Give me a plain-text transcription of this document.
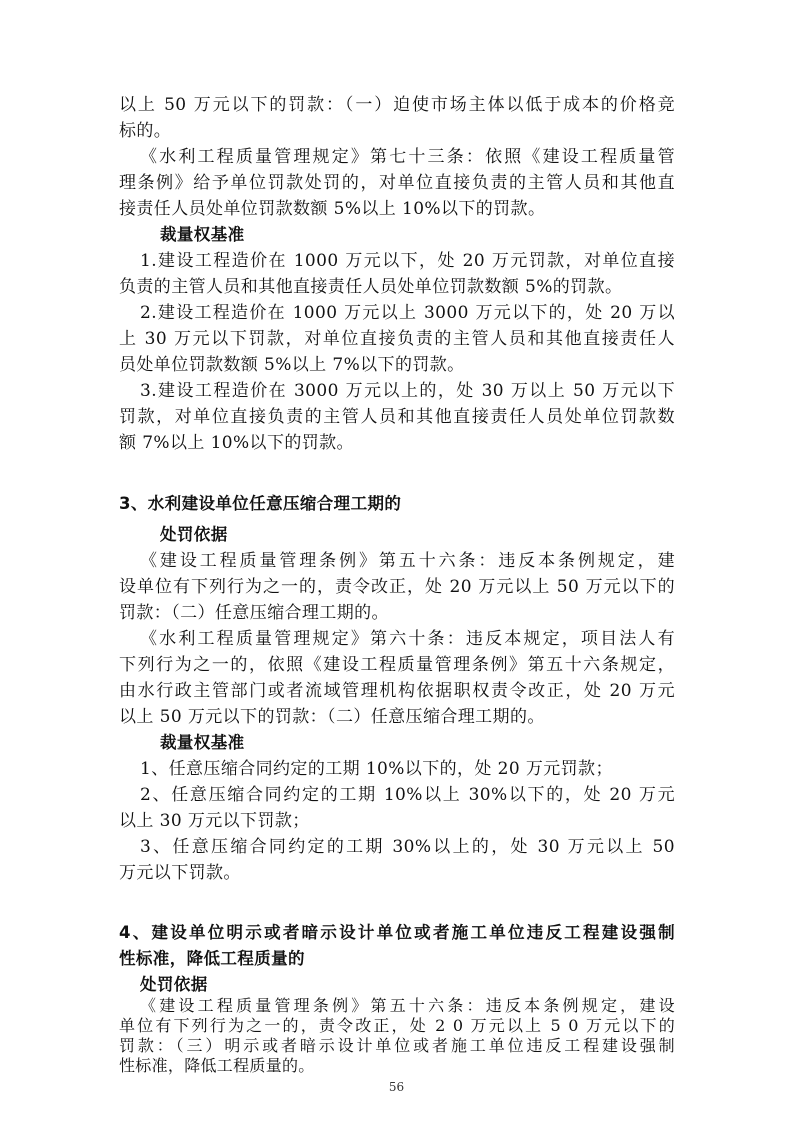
以上 50 万元以下的罚款：（一）迫使市场主体以低于成本的价格竞
标的。
《水利工程质量管理规定》第七十三条：依照《建设工程质量管
理条例》给予单位罚款处罚的，对单位直接负责的主管人员和其他直
接责任人员处单位罚款数额 5%以上 10%以下的罚款。
裁量权基准
1.建设工程造价在 1000 万元以下，处 20 万元罚款，对单位直接
负责的主管人员和其他直接责任人员处单位罚款数额 5%的罚款。
2.建设工程造价在 1000 万元以上 3000 万元以下的，处 20 万以
上 30 万元以下罚款，对单位直接负责的主管人员和其他直接责任人
员处单位罚款数额 5%以上 7%以下的罚款。
3.建设工程造价在 3000 万元以上的，处 30 万以上 50 万元以下
罚款，对单位直接负责的主管人员和其他直接责任人员处单位罚款数
额 7%以上 10%以下的罚款。
3、水利建设单位任意压缩合理工期的
处罚依据
《建设工程质量管理条例》第五十六条：违反本条例规定，建
设单位有下列行为之一的，责令改正，处 20 万元以上 50 万元以下的
罚款：（二）任意压缩合理工期的。
《水利工程质量管理规定》第六十条：违反本规定，项目法人有
下列行为之一的，依照《建设工程质量管理条例》第五十六条规定，
由水行政主管部门或者流域管理机构依据职权责令改正，处 20 万元
以上 50 万元以下的罚款：（二）任意压缩合理工期的。
裁量权基准
1、任意压缩合同约定的工期 10%以下的，处 20 万元罚款；
2、任意压缩合同约定的工期 10%以上 30%以下的，处 20 万元
以上 30 万元以下罚款；
3、任意压缩合同约定的工期 30%以上的，处 30 万元以上 50
万元以下罚款。
4、建设单位明示或者暗示设计单位或者施工单位违反工程建设强制
性标准，降低工程质量的
处罚依据
《建设工程质量管理条例》第五十六条：违反本条例规定，建设
56
单位有下列行为之一的，责令改正，处 2 0 万元以上 5 0 万元以下的
罚款：（三）明示或者暗示设计单位或者施工单位违反工程建设强制
性标准，降低工程质量的。
